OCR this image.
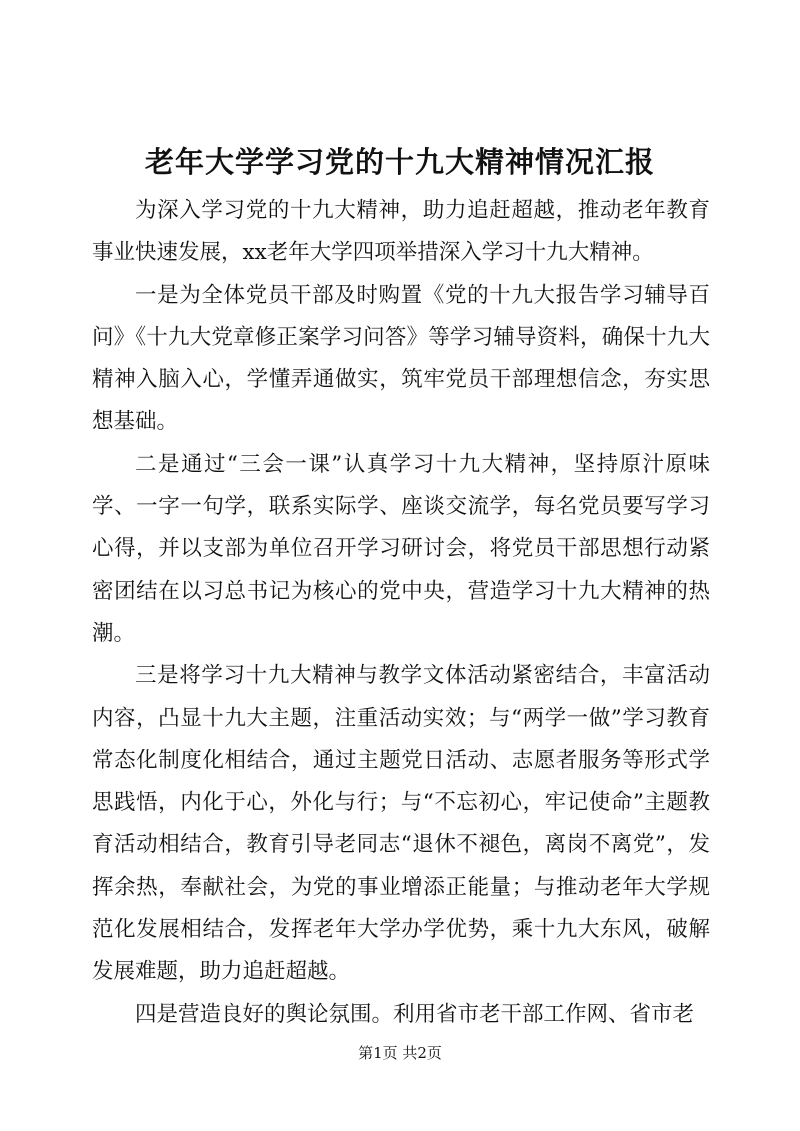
老年大学学习党的十九大精神情况汇报

为深入学习党的十九大精神，助力追赶超越，推动老年教育事业快速发展，xx老年大学四项举措深入学习十九大精神。

一是为全体党员干部及时购置《党的十九大报告学习辅导百问》《十九大党章修正案学习问答》等学习辅导资料，确保十九大精神入脑入心，学懂弄通做实，筑牢党员干部理想信念，夯实思想基础。

二是通过“三会一课”认真学习十九大精神，坚持原汁原味学、一字一句学，联系实际学、座谈交流学，每名党员要写学习心得，并以支部为单位召开学习研讨会，将党员干部思想行动紧密团结在以习总书记为核心的党中央，营造学习十九大精神的热潮。

三是将学习十九大精神与教学文体活动紧密结合，丰富活动内容，凸显十九大主题，注重活动实效；与“两学一做”学习教育常态化制度化相结合，通过主题党日活动、志愿者服务等形式学思践悟，内化于心，外化与行；与“不忘初心，牢记使命”主题教育活动相结合，教育引导老同志“退休不褪色，离岗不离党”，发挥余热，奉献社会，为党的事业增添正能量；与推动老年大学规范化发展相结合，发挥老年大学办学优势，乘十九大东风，破解发展难题，助力追赶超越。

四是营造良好的舆论氛围。利用省市老干部工作网、省市老

第1页 共2页
